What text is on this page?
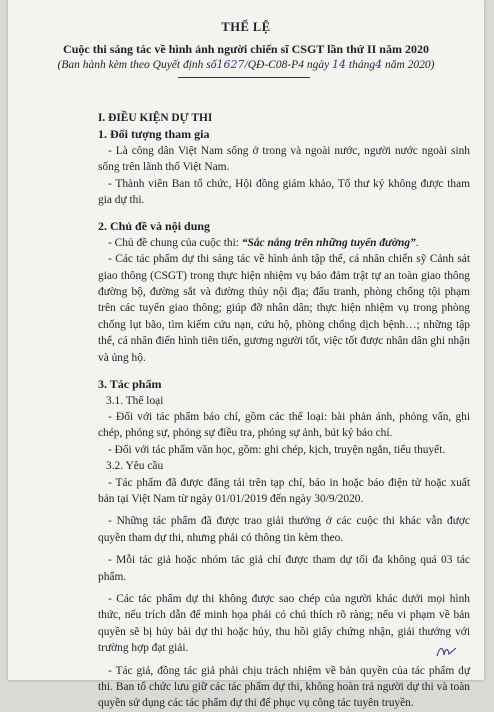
THỂ LỆ
Cuộc thi sáng tác về hình ảnh người chiến sĩ CSGT lần thứ II năm 2020
(Ban hành kèm theo Quyết định số1627/QĐ-C08-P4 ngày 14 tháng4 năm 2020)
I. ĐIỀU KIỆN DỰ THI
1. Đối tượng tham gia
- Là công dân Việt Nam sống ở trong và ngoài nước, người nước ngoài sinh sống trên lãnh thổ Việt Nam.
- Thành viên Ban tổ chức, Hội đồng giám khảo, Tổ thư ký không được tham gia dự thi.
2. Chủ đề và nội dung
- Chủ đề chung của cuộc thi: “Sắc nắng trên những tuyến đường”.
- Các tác phẩm dự thi sáng tác về hình ảnh tập thể, cá nhân chiến sỹ Cảnh sát giao thông (CSGT) trong thực hiện nhiệm vụ bảo đảm trật tự an toàn giao thông đường bộ, đường sắt và đường thủy nội địa; đấu tranh, phòng chống tội phạm trên các tuyến giao thông; giúp đỡ nhân dân; thực hiện nhiệm vụ trong phòng chống lụt bão, tìm kiếm cứu nạn, cứu hộ, phòng chống dịch bệnh…; những tập thể, cá nhân điển hình tiên tiến, gương người tốt, việc tốt được nhân dân ghi nhận và ủng hộ.
3. Tác phẩm
3.1. Thể loại
- Đối với tác phẩm báo chí, gồm các thể loại: bài phản ánh, phỏng vấn, ghi chép, phóng sự, phóng sự điều tra, phóng sự ảnh, bút ký báo chí.
- Đối với tác phẩm văn học, gồm: ghi chép, kịch, truyện ngắn, tiểu thuyết.
3.2. Yêu cầu
- Tác phẩm đã được đăng tải trên tạp chí, báo in hoặc báo điện tử hoặc xuất bản tại Việt Nam từ ngày 01/01/2019 đến ngày 30/9/2020.
- Những tác phẩm đã được trao giải thưởng ở các cuộc thi khác vẫn được quyền tham dự thi, nhưng phải có thông tin kèm theo.
- Mỗi tác giả hoặc nhóm tác giả chỉ được tham dự tối đa không quá 03 tác phẩm.
- Các tác phẩm dự thi không được sao chép của người khác dưới mọi hình thức, nếu trích dẫn để minh họa phải có chú thích rõ ràng; nếu vi phạm về bản quyền sẽ bị hủy bài dự thi hoặc hủy, thu hồi giấy chứng nhận, giải thưởng với trường hợp đạt giải.
- Tác giả, đồng tác giả phải chịu trách nhiệm về bản quyền của tác phẩm dự thi. Ban tổ chức lưu giữ các tác phẩm dự thi, không hoàn trả người dự thi và toàn quyền sử dụng các tác phẩm dự thi để phục vụ công tác tuyên truyền.
